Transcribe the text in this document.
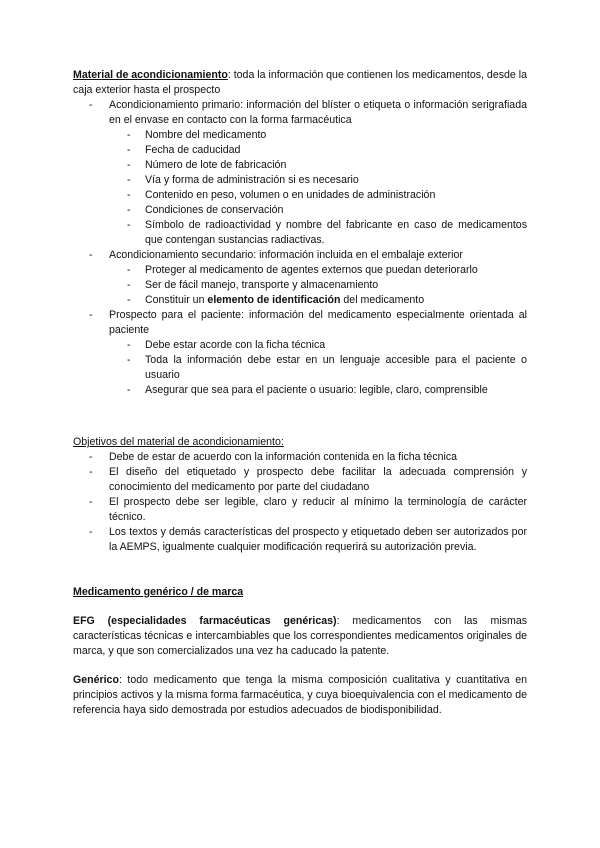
Material de acondicionamiento: toda la información que contienen los medicamentos, desde la caja exterior hasta el prospecto

- Acondicionamiento primario: información del blíster o etiqueta o información serigrafiada en el envase en contacto con la forma farmacéutica
- Nombre del medicamento
- Fecha de caducidad
- Número de lote de fabricación
- Vía y forma de administración si es necesario
- Contenido en peso, volumen o en unidades de administración
- Condiciones de conservación
- Símbolo de radioactividad y nombre del fabricante en caso de medicamentos que contengan sustancias radiactivas.
- Acondicionamiento secundario: información incluida en el embalaje exterior
- Proteger al medicamento de agentes externos que puedan deteriorarlo
- Ser de fácil manejo, transporte y almacenamiento
- Constituir un elemento de identificación del medicamento
- Prospecto para el paciente: información del medicamento especialmente orientada al paciente
- Debe estar acorde con la ficha técnica
- Toda la información debe estar en un lenguaje accesible para el paciente o usuario
- Asegurar que sea para el paciente o usuario: legible, claro, comprensible

Objetivos del material de acondicionamiento:

- Debe de estar de acuerdo con la información contenida en la ficha técnica
- El diseño del etiquetado y prospecto debe facilitar la adecuada comprensión y conocimiento del medicamento por parte del ciudadano
- El prospecto debe ser legible, claro y reducir al mínimo la terminología de carácter técnico.
- Los textos y demás características del prospecto y etiquetado deben ser autorizados por la AEMPS, igualmente cualquier modificación requerirá su autorización previa.

Medicamento genérico / de marca

EFG (especialidades farmacéuticas genéricas): medicamentos con las mismas características técnicas e intercambiables que los correspondientes medicamentos originales de marca, y que son comercializados una vez ha caducado la patente.

Genérico: todo medicamento que tenga la misma composición cualitativa y cuantitativa en principios activos y la misma forma farmacéutica, y cuya bioequivalencia con el medicamento de referencia haya sido demostrada por estudios adecuados de biodisponibilidad.
